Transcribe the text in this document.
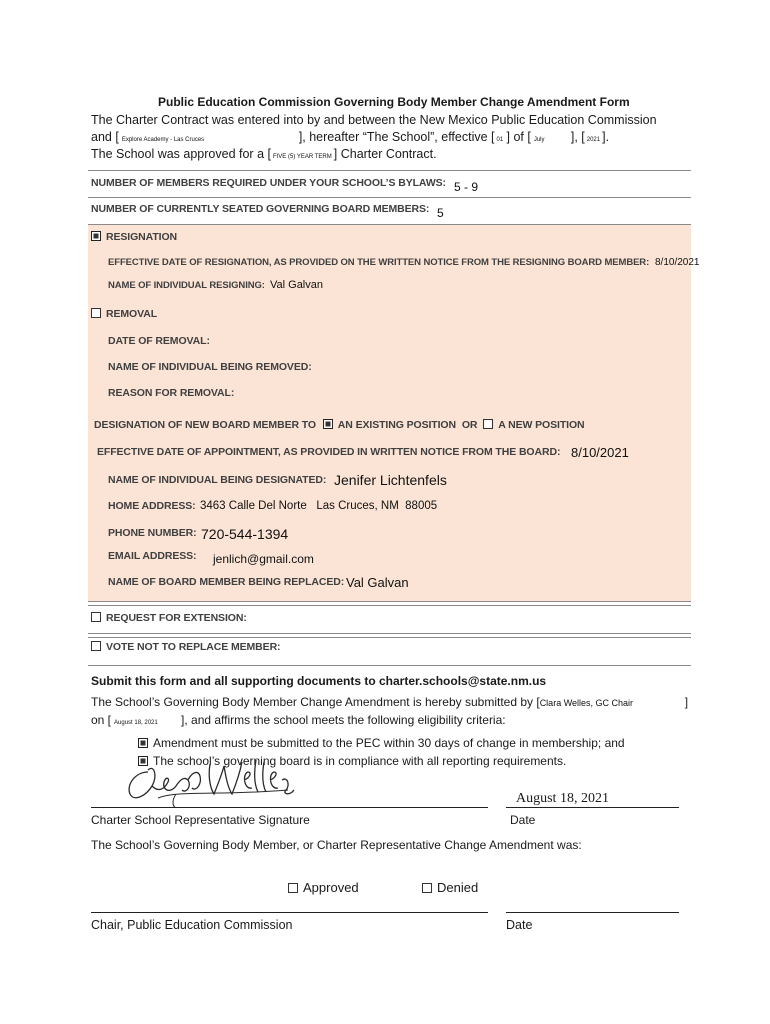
Public Education Commission Governing Body Member Change Amendment Form
The Charter Contract was entered into by and between the New Mexico Public Education Commission
and [ Explore Academy - Las Cruces	], hereafter “The School”, effective [ 01 ] of [ July ], [ 2021 ].
The School was approved for a [ FIVE (5) YEAR TERM ] Charter Contract.
NUMBER OF MEMBERS REQUIRED UNDER YOUR SCHOOL’S BYLAWS: 5 - 9
NUMBER OF CURRENTLY SEATED GOVERNING BOARD MEMBERS: 5
RESIGNATION
EFFECTIVE DATE OF RESIGNATION, AS PROVIDED ON THE WRITTEN NOTICE FROM THE RESIGNING BOARD MEMBER: 8/10/2021
NAME OF INDIVIDUAL RESIGNING: Val Galvan
REMOVAL
DATE OF REMOVAL:
NAME OF INDIVIDUAL BEING REMOVED:
REASON FOR REMOVAL:
DESIGNATION OF NEW BOARD MEMBER TO AN EXISTING POSITION OR A NEW POSITION
EFFECTIVE DATE OF APPOINTMENT, AS PROVIDED IN WRITTEN NOTICE FROM THE BOARD: 8/10/2021
NAME OF INDIVIDUAL BEING DESIGNATED: Jenifer Lichtenfels
HOME ADDRESS: 3463 Calle Del Norte   Las Cruces, NM  88005
PHONE NUMBER: 720-544-1394
EMAIL ADDRESS: jenlich@gmail.com
NAME OF BOARD MEMBER BEING REPLACED: Val Galvan
REQUEST FOR EXTENSION:
VOTE NOT TO REPLACE MEMBER:
Submit this form and all supporting documents to charter.schools@state.nm.us
The School’s Governing Body Member Change Amendment is hereby submitted by [Clara Welles, GC Chair	]
on [ August 18, 2021 ], and affirms the school meets the following eligibility criteria:
Amendment must be submitted to the PEC within 30 days of change in membership; and
The school’s governing board is in compliance with all reporting requirements.
August 18, 2021
Charter School Representative Signature	Date
The School’s Governing Body Member, or Charter Representative Change Amendment was:
Approved	Denied
Chair, Public Education Commission	Date
